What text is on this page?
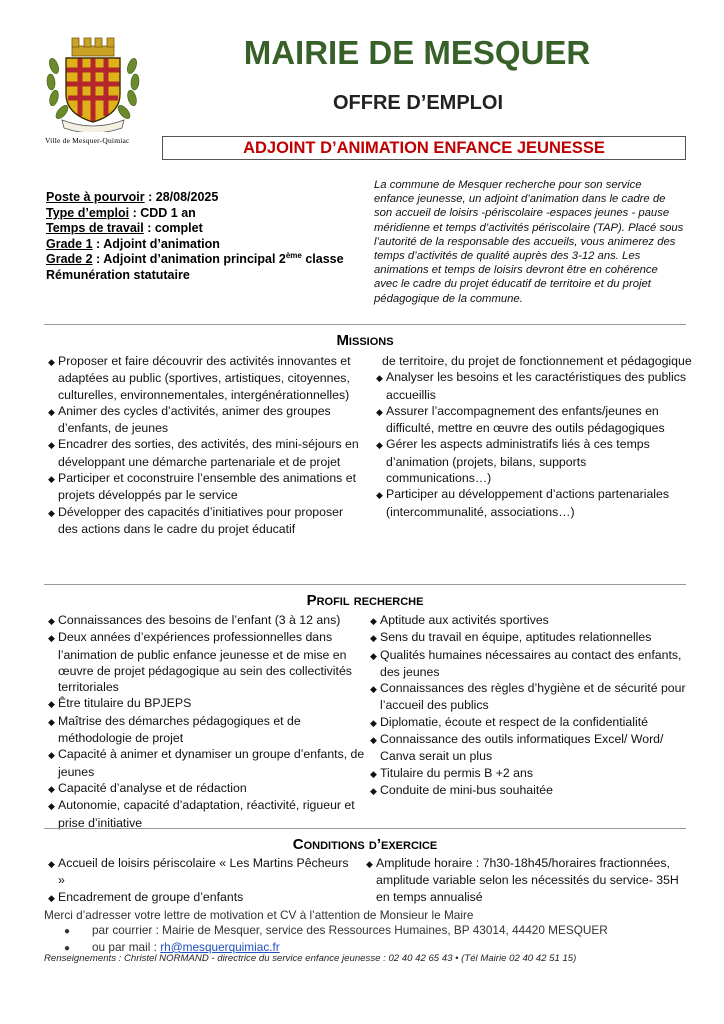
Ville de Mesquer-Quimiac
MAIRIE DE MESQUER
OFFRE D’EMPLOI
ADJOINT D’ANIMATION ENFANCE JEUNESSE
Poste à pourvoir : 28/08/2025
Type d’emploi : CDD 1 an
Temps de travail : complet
Grade 1 : Adjoint d’animation
Grade 2 : Adjoint d’animation principal 2ème classe
Rémunération statutaire
La commune de Mesquer recherche pour son service enfance jeunesse, un adjoint d’animation dans le cadre de son accueil de loisirs -périscolaire -espaces jeunes - pause méridienne et temps d’activités périscolaire (TAP). Placé sous l’autorité de la responsable des accueils, vous animerez des temps d’activités de qualité auprès des 3-12 ans. Les animations et temps de loisirs devront être en cohérence avec le cadre du projet éducatif de territoire et du projet pédagogique de la commune.
Missions

◆ Proposer et faire découvrir des activités innovantes et adaptées au public (sportives, artistiques, citoyennes, culturelles, environnementales, intergénérationnelles)

◆ Animer des cycles d’activités, animer des groupes d’enfants, de jeunes

◆ Encadrer des sorties, des activités, des mini-séjours en développant une démarche partenariale et de projet

◆ Participer et coconstruire l’ensemble des animations et projets développés par le service

◆ Développer des capacités d’initiatives pour proposer des actions dans le cadre du projet éducatif

de territoire, du projet de fonctionnement et pédagogique

◆ Analyser les besoins et les caractéristiques des publics accueillis

◆ Assurer l’accompagnement des enfants/jeunes en difficulté, mettre en œuvre des outils pédagogiques

◆ Gérer les aspects administratifs liés à ces temps d’animation (projets, bilans, supports communications…)

◆ Participer au développement d’actions partenariales (intercommunalité, associations…)

Profil recherche

◆ Connaissances des besoins de l’enfant (3 à 12 ans)

◆ Deux années d’expériences professionnelles dans l’animation de public enfance jeunesse et de mise en œuvre de projet pédagogique au sein des collectivités territoriales

◆ Être titulaire du BPJEPS

◆ Maîtrise des démarches pédagogiques et de méthodologie de projet

◆ Capacité à animer et dynamiser un groupe d’enfants, de jeunes

◆ Capacité d’analyse et de rédaction

◆ Autonomie, capacité d’adaptation, réactivité, rigueur et prise d’initiative

◆ Aptitude aux activités sportives

◆ Sens du travail en équipe, aptitudes relationnelles

◆ Qualités humaines nécessaires au contact des enfants, des jeunes

◆ Connaissances des règles d’hygiène et de sécurité pour l’accueil des publics

◆ Diplomatie, écoute et respect de la confidentialité

◆ Connaissance des outils informatiques Excel/ Word/ Canva serait un plus

◆ Titulaire du permis B +2 ans

◆ Conduite de mini-bus souhaitée

Conditions d’exercice

◆ Accueil de loisirs périscolaire « Les Martins Pêcheurs »

◆ Encadrement de groupe d’enfants

◆ Amplitude horaire : 7h30-18h45/horaires fractionnées, amplitude variable selon les nécessités du service- 35H en temps annualisé

Merci d’adresser votre lettre de motivation et CV à l’attention de Monsieur le Maire

● par courrier : Mairie de Mesquer, service des Ressources Humaines, BP 43014, 44420 MESQUER

● ou par mail : rh@mesquerquimiac.fr

Renseignements : Christel NORMAND - directrice du service enfance jeunesse : 02 40 42 65 43 • (Tél Mairie 02 40 42 51 15)
